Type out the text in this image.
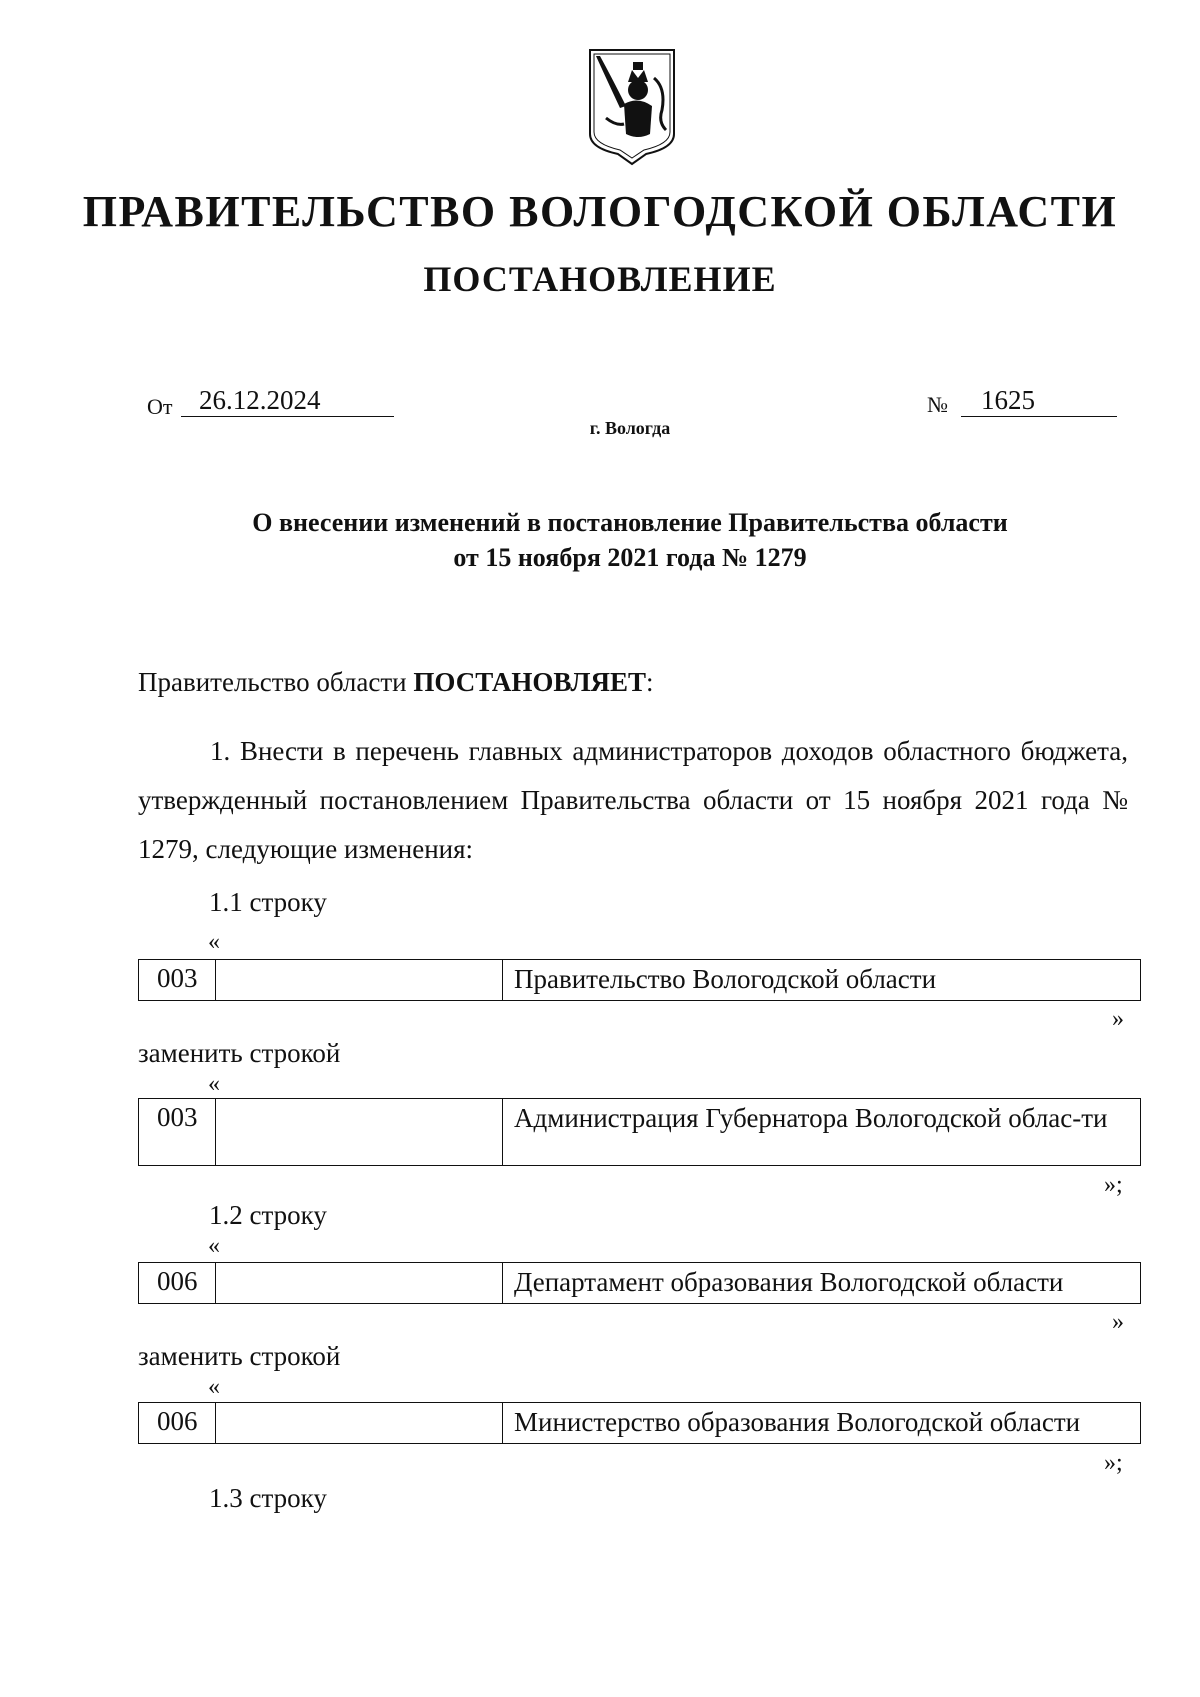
ПРАВИТЕЛЬСТВО ВОЛОГОДСКОЙ ОБЛАСТИ
ПОСТАНОВЛЕНИЕ
От 26.12.2024	№	1625
г. Вологда
О внесении изменений в постановление Правительства области
от 15 ноября 2021 года № 1279
Правительство области ПОСТАНОВЛЯЕТ:
1. Внести в перечень главных администраторов доходов областного бюджета, утвержденный постановлением Правительства области от 15 ноября 2021 года № 1279, следующие изменения:
1.1 строку
«
003	Правительство Вологодской области
»
заменить строкой
«
003	Администрация Губернатора Вологодской облас-ти
»;
1.2 строку
«
006	Департамент образования Вологодской области
»
заменить строкой
«
006	Министерство образования Вологодской области
»;
1.3 строку
